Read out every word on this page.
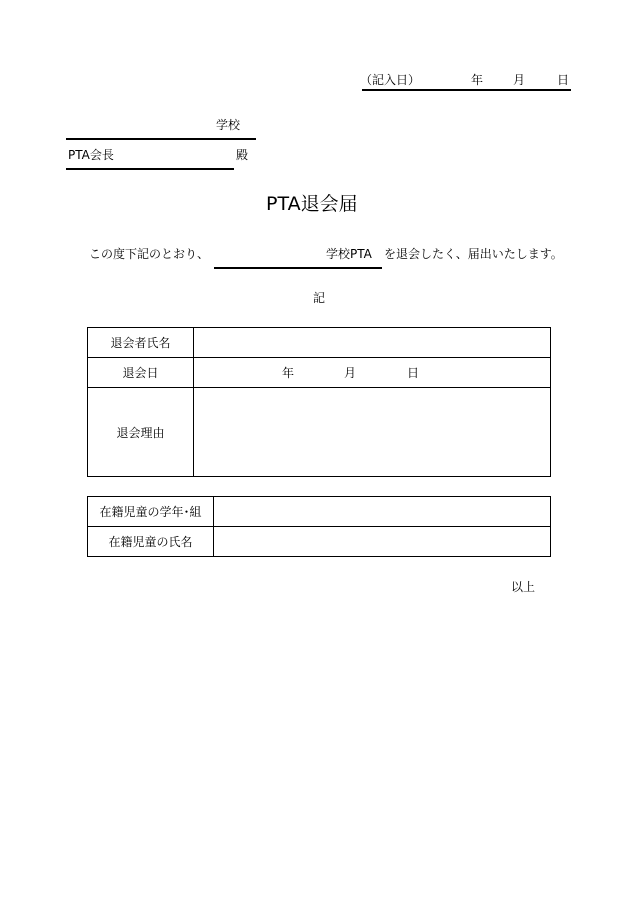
（記入日）	年 月	日
学校
PTA会長	殿
PTA退会届
この度下記のとおり、	学校PTA を退会したく、届出いたします。
記
退会者氏名	
退会日	年 月 日

退会理由	
在籍児童の学年･組	
在籍児童の氏名	
以上
